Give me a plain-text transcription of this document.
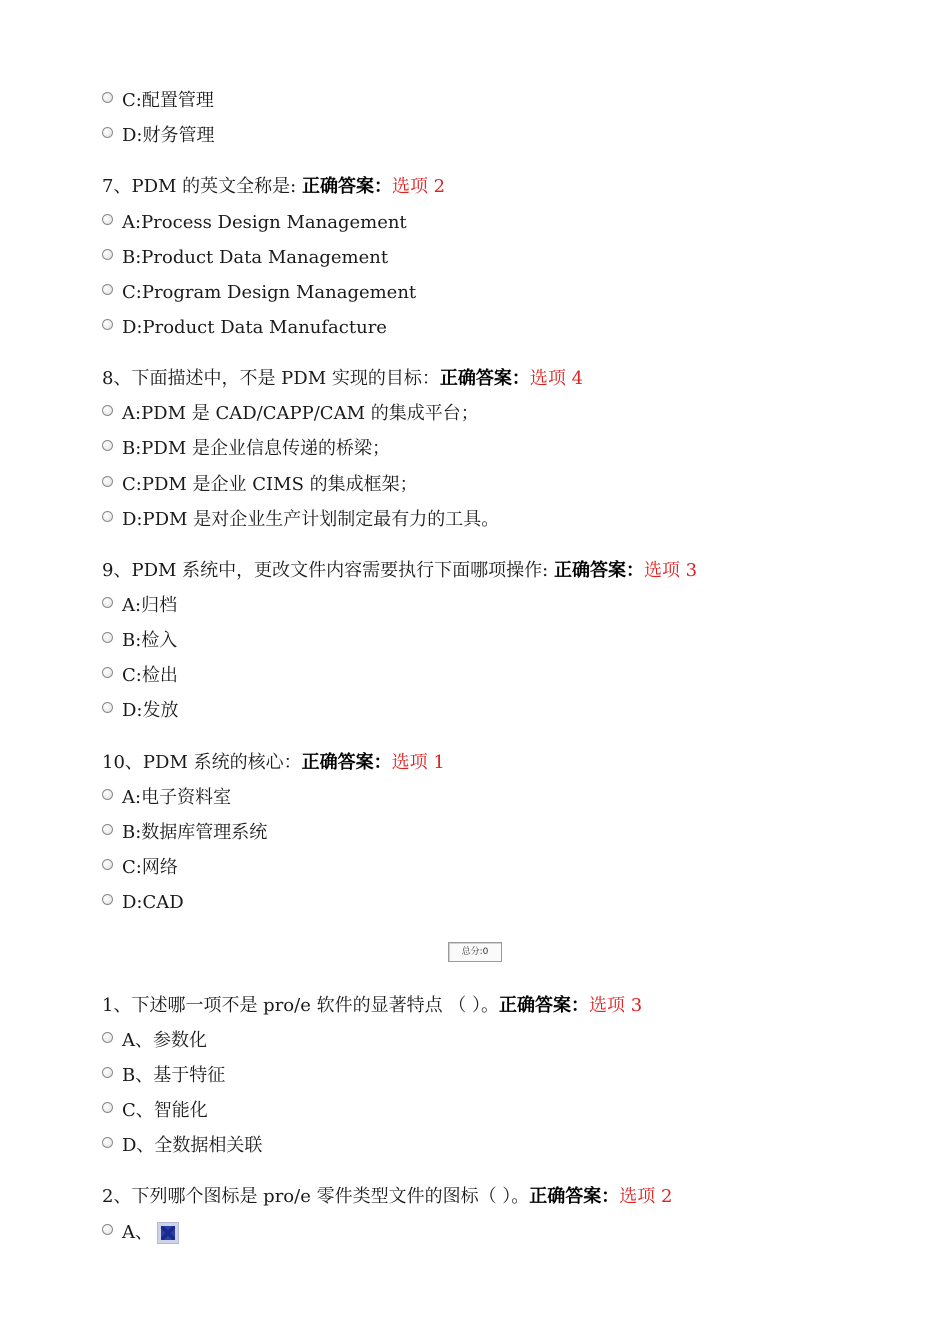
C:配置管理
D:财务管理
7、PDM 的英文全称是: 正确答案：选项 2
A:Process Design Management
B:Product Data Management
C:Program Design Management
D:Product Data Manufacture
8、下面描述中，不是 PDM 实现的目标：正确答案：选项 4
A:PDM 是 CAD/CAPP/CAM 的集成平台；
B:PDM 是企业信息传递的桥梁；
C:PDM 是企业 CIMS 的集成框架；
D:PDM 是对企业生产计划制定最有力的工具。
9、PDM 系统中，更改文件内容需要执行下面哪项操作: 正确答案：选项 3
A:归档
B:检入
C:检出
D:发放
10、PDM 系统的核心：正确答案：选项 1
A:电子资料室
B:数据库管理系统
C:网络
D:CAD
总分:0
1、下述哪一项不是 pro/e 软件的显著特点 （ ）。正确答案：选项 3
A、参数化
B、基于特征
C、智能化
D、全数据相关联
2、下列哪个图标是 pro/e 零件类型文件的图标（ ）。正确答案：选项 2
A、
